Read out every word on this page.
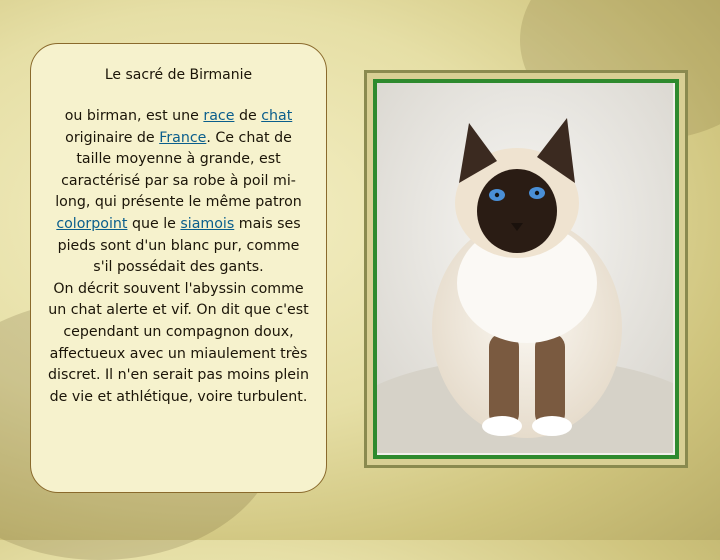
Le sacré de Birmanie

ou birman, est une race de chat originaire de France. Ce chat de taille moyenne à grande, est caractérisé par sa robe à poil mi-long, qui présente le même patron colorpoint que le siamois mais ses pieds sont d'un blanc pur, comme s'il possédait des gants.
On décrit souvent l'abyssin comme un chat alerte et vif. On dit que c'est cependant un compagnon doux, affectueux avec un miaulement très discret. Il n'en serait pas moins plein de vie et athlétique, voire turbulent.
